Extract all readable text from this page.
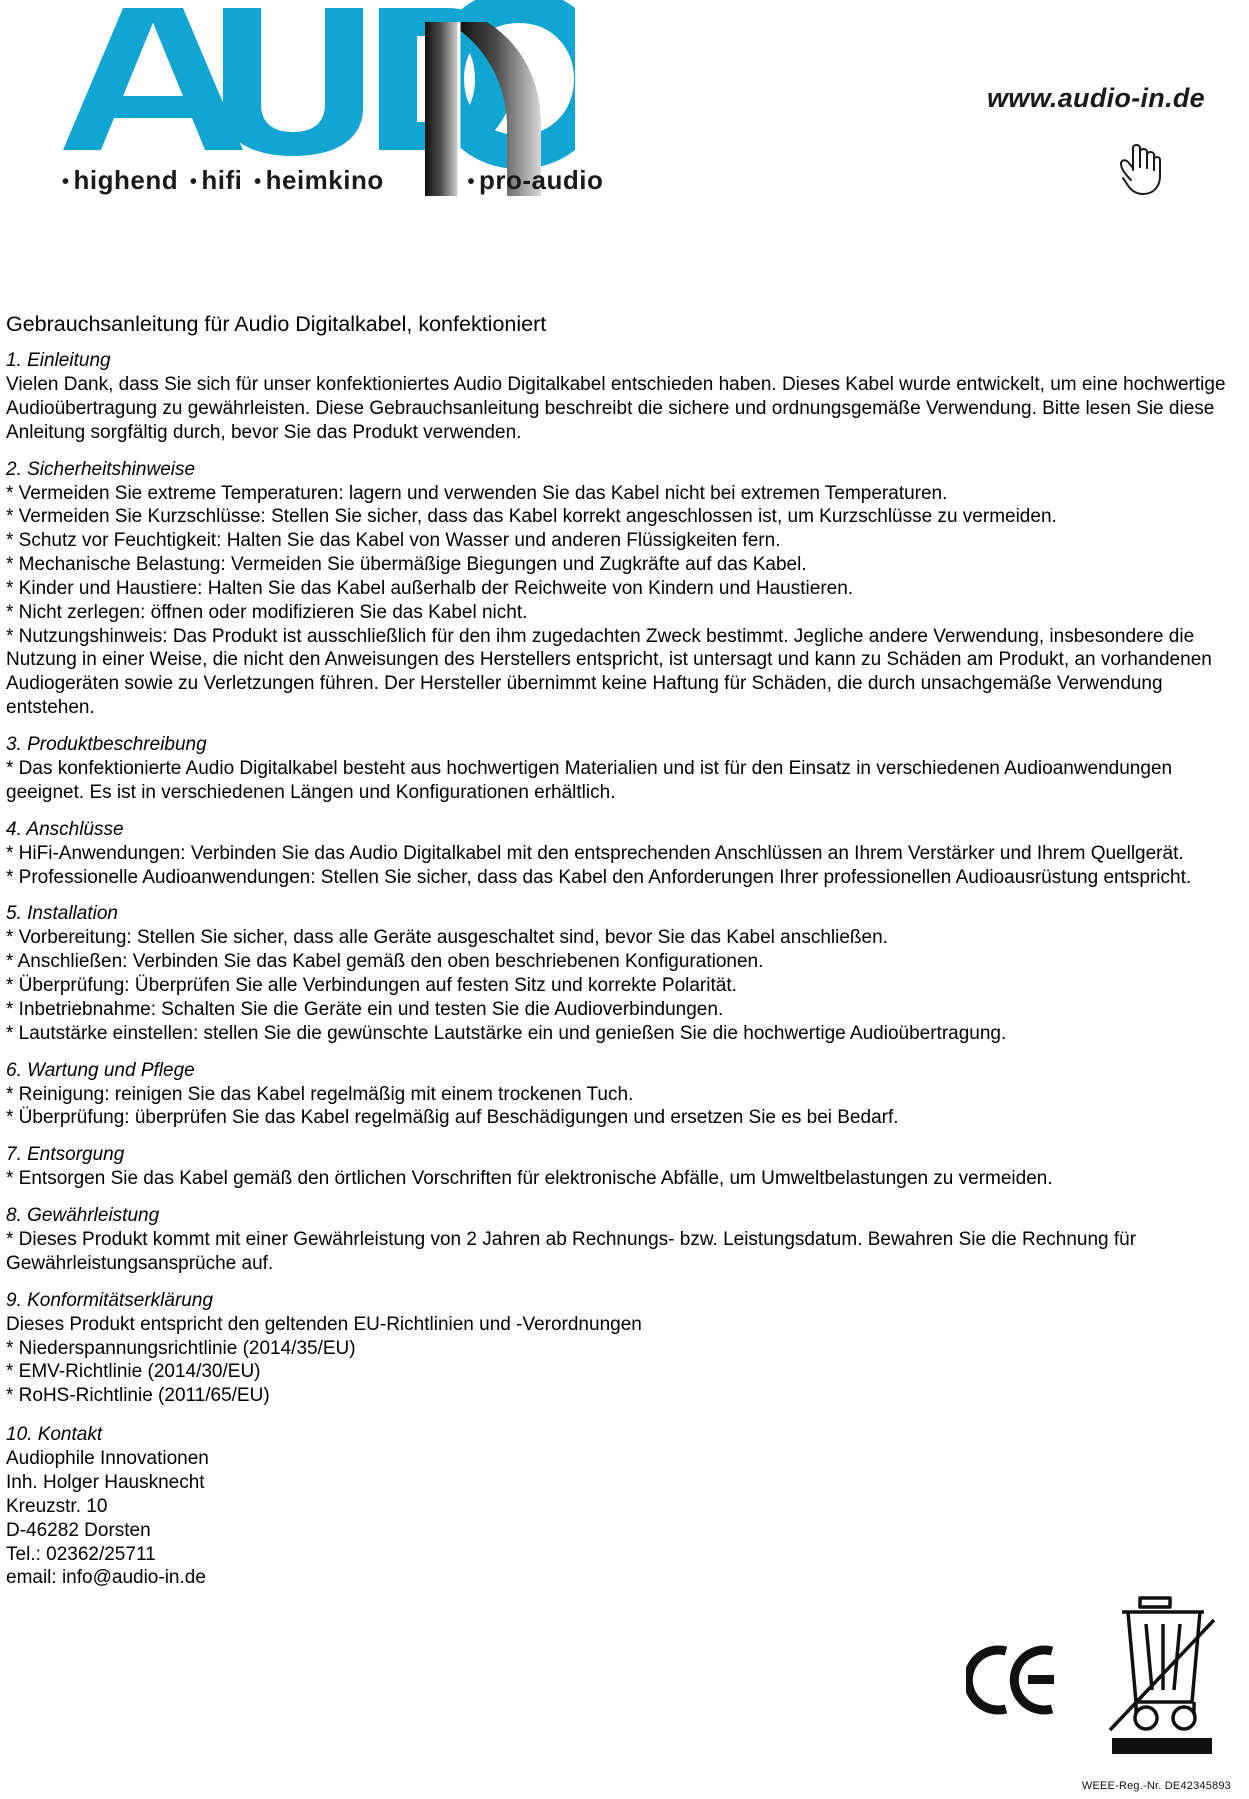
• highend • hifi • heimkino	• pro-audio
www.audio-in.de
Gebrauchsanleitung für Audio Digitalkabel, konfektioniert
1. Einleitung

Vielen Dank, dass Sie sich für unser konfektioniertes Audio Digitalkabel entschieden haben. Dieses Kabel wurde entwickelt, um eine hochwertige Audioübertragung zu gewährleisten. Diese Gebrauchsanleitung beschreibt die sichere und ordnungsgemäße Verwendung. Bitte lesen Sie diese Anleitung sorgfältig durch, bevor Sie das Produkt verwenden.

2. Sicherheitshinweise

* Vermeiden Sie extreme Temperaturen: lagern und verwenden Sie das Kabel nicht bei extremen Temperaturen.

* Vermeiden Sie Kurzschlüsse: Stellen Sie sicher, dass das Kabel korrekt angeschlossen ist, um Kurzschlüsse zu vermeiden.

* Schutz vor Feuchtigkeit: Halten Sie das Kabel von Wasser und anderen Flüssigkeiten fern.

* Mechanische Belastung: Vermeiden Sie übermäßige Biegungen und Zugkräfte auf das Kabel.

* Kinder und Haustiere: Halten Sie das Kabel außerhalb der Reichweite von Kindern und Haustieren.

* Nicht zerlegen: öffnen oder modifizieren Sie das Kabel nicht.

* Nutzungshinweis: Das Produkt ist ausschließlich für den ihm zugedachten Zweck bestimmt. Jegliche andere Verwendung, insbesondere die Nutzung in einer Weise, die nicht den Anweisungen des Herstellers entspricht, ist untersagt und kann zu Schäden am Produkt, an vorhandenen Audiogeräten sowie zu Verletzungen führen. Der Hersteller übernimmt keine Haftung für Schäden, die durch unsachgemäße Verwendung entstehen.

3. Produktbeschreibung

* Das konfektionierte Audio Digitalkabel besteht aus hochwertigen Materialien und ist für den Einsatz in verschiedenen Audioanwendungen geeignet. Es ist in verschiedenen Längen und Konfigurationen erhältlich.

4. Anschlüsse

* HiFi-Anwendungen: Verbinden Sie das Audio Digitalkabel mit den entsprechenden Anschlüssen an Ihrem Verstärker und Ihrem Quellgerät.

* Professionelle Audioanwendungen: Stellen Sie sicher, dass das Kabel den Anforderungen Ihrer professionellen Audioausrüstung entspricht.

5. Installation

* Vorbereitung: Stellen Sie sicher, dass alle Geräte ausgeschaltet sind, bevor Sie das Kabel anschließen.

* Anschließen: Verbinden Sie das Kabel gemäß den oben beschriebenen Konfigurationen.

* Überprüfung: Überprüfen Sie alle Verbindungen auf festen Sitz und korrekte Polarität.

* Inbetriebnahme: Schalten Sie die Geräte ein und testen Sie die Audioverbindungen.

* Lautstärke einstellen: stellen Sie die gewünschte Lautstärke ein und genießen Sie die hochwertige Audioübertragung.

6. Wartung und Pflege

* Reinigung: reinigen Sie das Kabel regelmäßig mit einem trockenen Tuch.

* Überprüfung: überprüfen Sie das Kabel regelmäßig auf Beschädigungen und ersetzen Sie es bei Bedarf.

7. Entsorgung

* Entsorgen Sie das Kabel gemäß den örtlichen Vorschriften für elektronische Abfälle, um Umweltbelastungen zu vermeiden.

8. Gewährleistung

* Dieses Produkt kommt mit einer Gewährleistung von 2 Jahren ab Rechnungs- bzw. Leistungsdatum. Bewahren Sie die Rechnung für Gewährleistungsansprüche auf.

9. Konformitätserklärung

Dieses Produkt entspricht den geltenden EU-Richtlinien und -Verordnungen

* Niederspannungsrichtlinie (2014/35/EU)

* EMV-Richtlinie (2014/30/EU)

* RoHS-Richtlinie (2011/65/EU)

10. Kontakt

Audiophile Innovationen

Inh. Holger Hausknecht

Kreuzstr. 10

D-46282 Dorsten

Tel.: 02362/25711

email: info@audio-in.de

WEEE-Reg.-Nr. DE42345893
